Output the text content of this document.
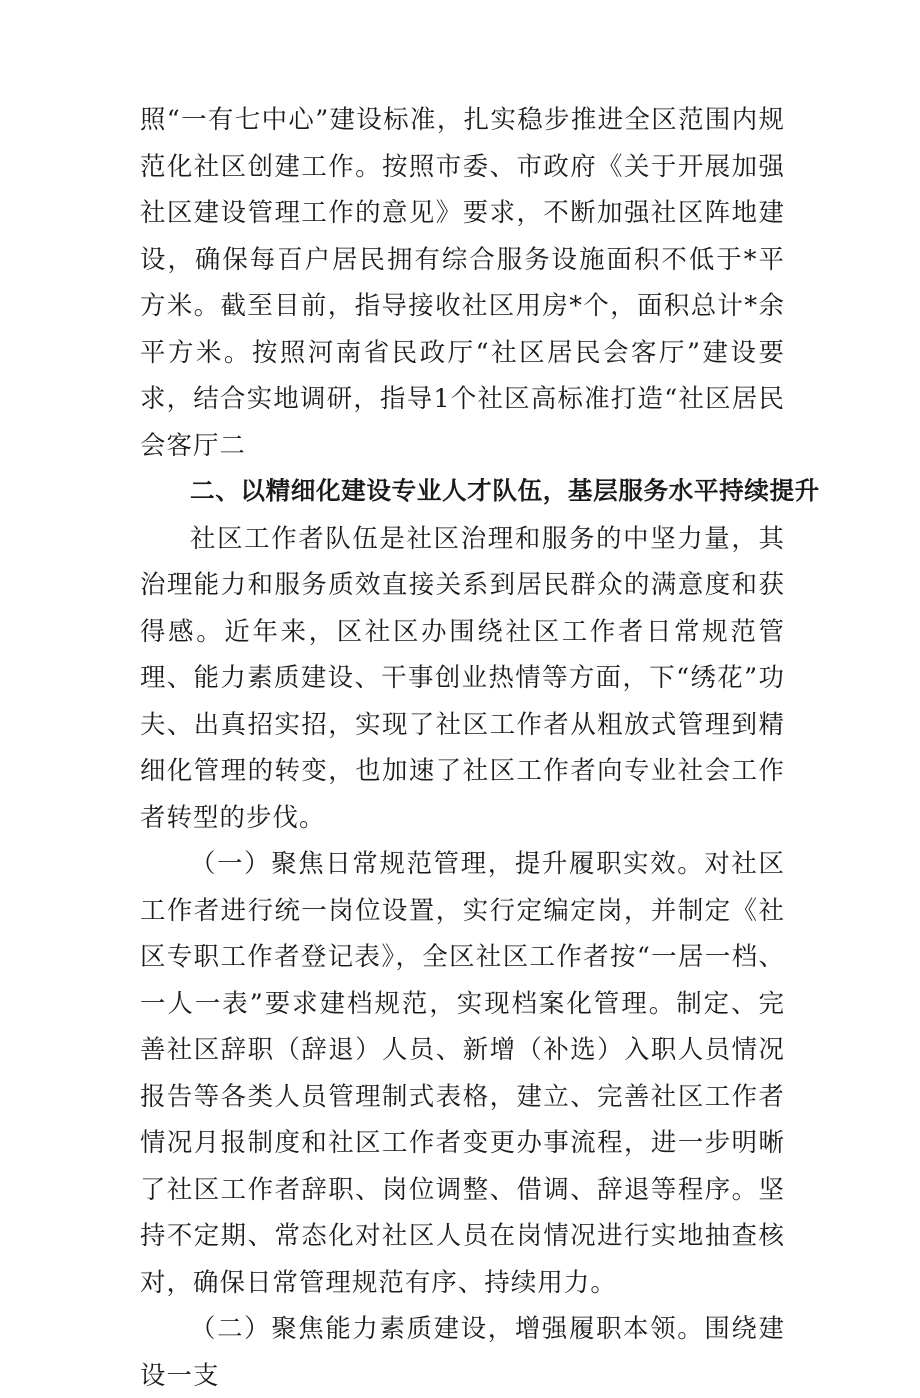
照“一有七中心”建设标准，扎实稳步推进全区范围内规范化社区创建工作。按照市委、市政府《关于开展加强社区建设管理工作的意见》要求，不断加强社区阵地建设，确保每百户居民拥有综合服务设施面积不低于*平方米。截至目前，指导接收社区用房*个，面积总计*余平方米。按照河南省民政厅“社区居民会客厅”建设要求，结合实地调研，指导1个社区高标准打造“社区居民会客厅二

二、以精细化建设专业人才队伍，基层服务水平持续提升

社区工作者队伍是社区治理和服务的中坚力量，其治理能力和服务质效直接关系到居民群众的满意度和获得感。近年来，区社区办围绕社区工作者日常规范管理、能力素质建设、干事创业热情等方面，下“绣花”功夫、出真招实招，实现了社区工作者从粗放式管理到精细化管理的转变，也加速了社区工作者向专业社会工作者转型的步伐。

（一）聚焦日常规范管理，提升履职实效。对社区工作者进行统一岗位设置，实行定编定岗，并制定《社区专职工作者登记表》，全区社区工作者按“一居一档、一人一表”要求建档规范，实现档案化管理。制定、完善社区辞职（辞退）人员、新增（补选）入职人员情况报告等各类人员管理制式表格，建立、完善社区工作者情况月报制度和社区工作者变更办事流程，进一步明晰了社区工作者辞职、岗位调整、借调、辞退等程序。坚持不定期、常态化对社区人员在岗情况进行实地抽查核对，确保日常管理规范有序、持续用力。

（二）聚焦能力素质建设，增强履职本领。围绕建设一支
